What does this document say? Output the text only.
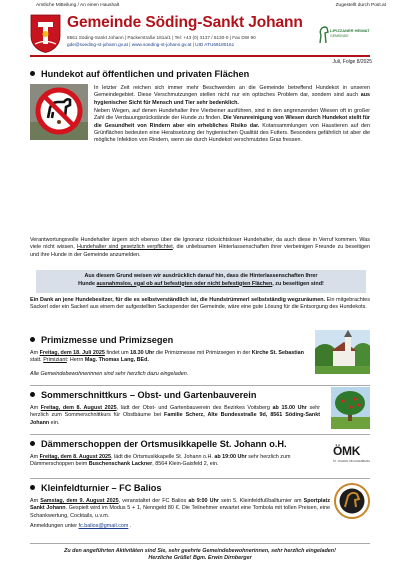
Amtliche Mitteilung / An einen Haushalt	Zugestellt durch Post.at
Gemeinde Söding-Sankt Johann
8561 Söding-Sankt Johann | Packerstraße 181a/1 | Tel: +43 (0) 3137 / 6130-0 | Fax DW 90
gde@soeding-st-johann.gv.at | www.soeding-st-johann.gv.at | UID ATU69180161
LIPIZZANER HEIMAT
GEMEINDE
Juli, Folge 8/2025
Hundekot auf öffentlichen und privaten Flächen

In letzter Zeit reichen sich immer mehr Beschwerden an die Gemeinde betreffend Hundekot in unseren Gemeindegebiet. Diese Verschmutzungen stellen nicht nur ein optisches Problem dar, sondern sind auch aus hygienischer Sicht für Mensch und Tier sehr bedenklich.

Neben Wegen, auf denen Hundehalter ihre Vierbeiner ausführen, sind in den angrenzenden Wiesen oft in großer Zahl die Verdauungsrückstände der Hunde zu finden. Die Verunreinigung von Wiesen durch Hundekot stellt für die Gesundheit von Rindern aber ein erhebliches Risiko dar. Kotansammlungen von Haustieren auf den Grünflächen bedeuten eine Herabsetzung der hygienischen Qualität des Futters. Besonders gefährlich ist aber die mögliche Infektion von Rindern, wenn sie durch Hundekot verschmutztes Gras fressen.

Verantwortungsvolle Hundehalter ärgern sich ebenso über die Ignoranz rücksichtsloser Hundehalter, da auch diese in Verruf kommen. Was viele nicht wissen, Hundehalter sind gesetzlich verpflichtet, die unliebsamen Hinterlassenschaften ihrer vierbeinigen Freunde zu beseitigen und ihre Hunde in der Gemeinde anzumelden.

Aus diesem Grund weisen wir ausdrücklich darauf hin, dass die Hinterlassenschaften Ihrer
Hunde ausnahmslos, egal ob auf befestigten oder nicht befestigten Flächen, zu beseitigen sind!

Ein Dank an jene Hundebesitzer, für die es selbstverständlich ist, die Hundstrümmerl selbstständig wegzuräumen. Ein mitgebrachtes Sackerl oder ein Sackerl aus einem der aufgestellten Sackspender der Gemeinde, wäre eine gute Lösung für die Entsorgung des Hundekots.

Primizmesse und Primizsegen

Am Freitag, dem 18. Juli 2025 findet um 18.30 Uhr die Primizmesse mit Primizsegen in der Kirche St. Sebastian statt. Primiziant: Herrn Mag. Thomas Lang, BEd.

Alle Gemeindebewohnerinnen sind sehr herzlich dazu eingeladen.

Sommerschnittkurs – Obst- und Gartenbauverein

Am Freitag, dem 8. August 2025, lädt der Obst- und Gartenbauverein des Bezirkes Voitsberg ab 15.00 Uhr sehr herzlich zum Sommerschnittkurs für Obstbäume bei Familie Scherz, Alte Bundesstraße 9d, 8561 Söding-Sankt Johann ein.

Dämmerschoppen der Ortsmusikkapelle St. Johann o.H.

Am Freitag, dem 8. August 2025, lädt die Ortsmusikkapelle St. Johann o.H. ab 19:00 Uhr sehr herzlich zum Dämmerschoppen beim Buschenschank Lackner, 8564 Klein-Gaisfeld 2, ein.

ÖMK
ST. JOHANN OB HOHENBURG
Kleinfeldturnier – FC Balios

Am Samstag, dem 9. August 2025, veranstaltet der FC Balios ab 9:00 Uhr sein 5. Kleinfeldfußballturnier am Sportplatz Sankt Johann. Gespielt wird im Modus 5 + 1, Nenngeld 80 €. Die Teilnehmer erwartet eine Tombola mit tollen Preisen, eine Schankwertung, Cocktails, u.v.m.

Anmeldungen unter fc.balios@gmail.com .

Zu den angeführten Aktivitäten sind Sie, sehr geehrte Gemeindebewohnerinnen, sehr herzlich eingeladen!
Herzliche Grüße! Bgm. Erwin Dirnberger
